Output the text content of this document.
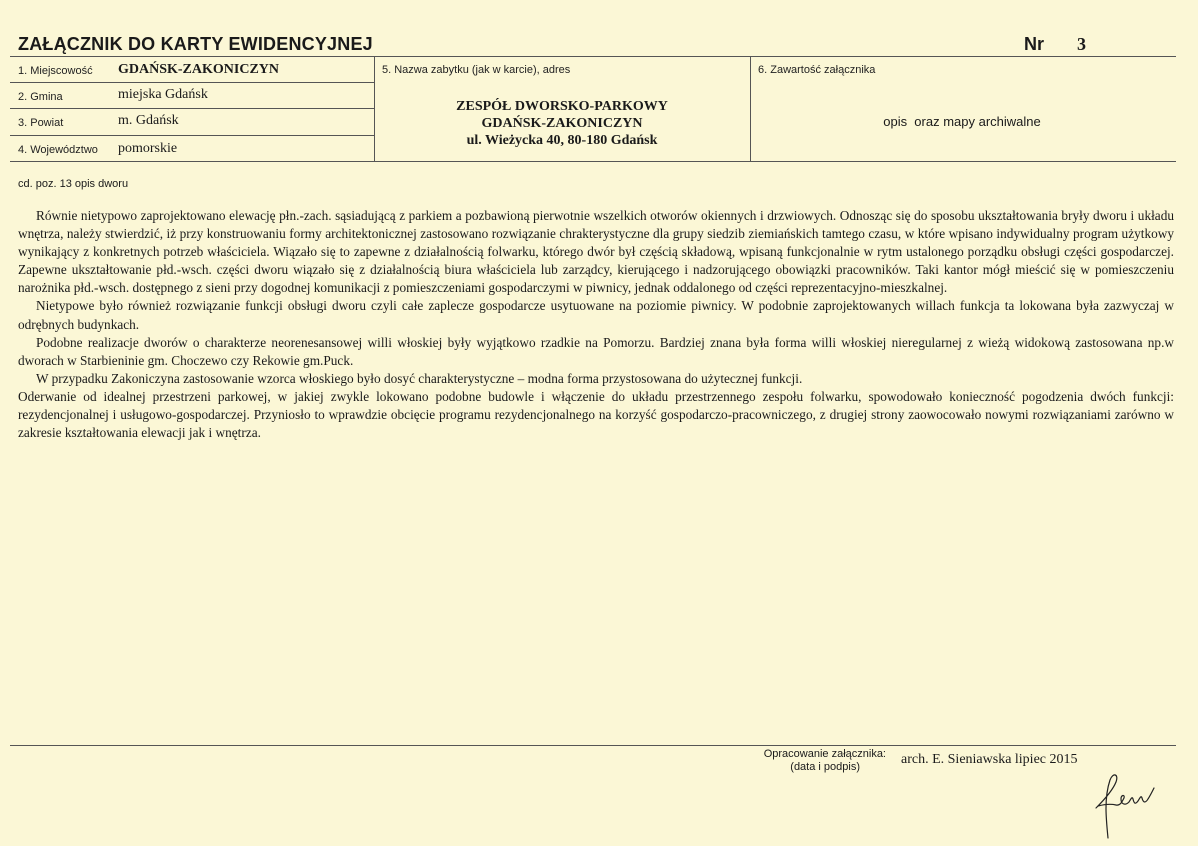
ZAŁĄCZNIK DO KARTY EWIDENCYJNEJ	Nr 3
1. Miejscowość GDAŃSK-ZAKONICZYN
2. Gmina	miejska Gdańsk
3. Powiat	m. Gdańsk
4. Województwo pomorskie
5. Nazwa zabytku (jak w karcie), adres
ZESPÓŁ DWORSKO-PARKOWY
GDAŃSK-ZAKONICZYN
ul. Wieżycka 40, 80-180 Gdańsk
6. Zawartość załącznika
opis  oraz mapy archiwalne
cd. poz. 13 opis dworu

Równie nietypowo zaprojektowano elewację płn.-zach. sąsiadującą z parkiem a pozbawioną pierwotnie wszelkich otworów okiennych i drzwiowych. Odnosząc się do sposobu ukształtowania bryły dworu i układu wnętrza, należy stwierdzić, iż przy konstruowaniu formy architektonicznej zastosowano rozwiązanie chrakterystyczne dla grupy siedzib ziemiańskich tamtego czasu, w które wpisano indywidualny program użytkowy wynikający z konkretnych potrzeb właściciela. Wiązało się to zapewne z działalnością folwarku, którego dwór był częścią składową, wpisaną funkcjonalnie w rytm ustalonego porządku obsługi części gospodarczej. Zapewne ukształtowanie płd.-wsch. części dworu wiązało się z działalnością biura właściciela lub zarządcy, kierującego i nadzorującego obowiązki pracowników. Taki kantor mógł mieścić się w pomieszczeniu narożnika płd.-wsch. dostępnego z sieni przy dogodnej komunikacji z pomieszczeniami gospodarczymi w piwnicy, jednak oddalonego od części reprezentacyjno-mieszkalnej.

Nietypowe było również rozwiązanie funkcji obsługi dworu czyli całe zaplecze gospodarcze usytuowane na poziomie piwnicy. W podobnie zaprojektowanych willach funkcja ta lokowana była zazwyczaj w odrębnych budynkach.

Podobne realizacje dworów o charakterze neorenesansowej willi włoskiej były wyjątkowo rzadkie na Pomorzu. Bardziej znana była forma willi włoskiej nieregularnej z wieżą widokową zastosowana np.w dworach w Starbieninie gm. Choczewo czy Rekowie gm.Puck.

W przypadku Zakoniczyna zastosowanie wzorca włoskiego było dosyć charakterystyczne – modna forma przystosowana do użytecznej funkcji.

Oderwanie od idealnej przestrzeni parkowej, w jakiej zwykle lokowano podobne budowle i włączenie do układu przestrzennego zespołu folwarku, spowodowało konieczność pogodzenia dwóch funkcji: rezydencjonalnej i usługowo-gospodarczej. Przyniosło to wprawdzie obcięcie programu rezydencjonalnego na korzyść gospodarczo-pracowniczego, z drugiej strony zaowocowało nowymi rozwiązaniami zarówno w zakresie kształtowania elewacji jak i wnętrza.

Opracowanie załącznika:
(data i podpis)	arch. E. Sieniawska lipiec 2015
